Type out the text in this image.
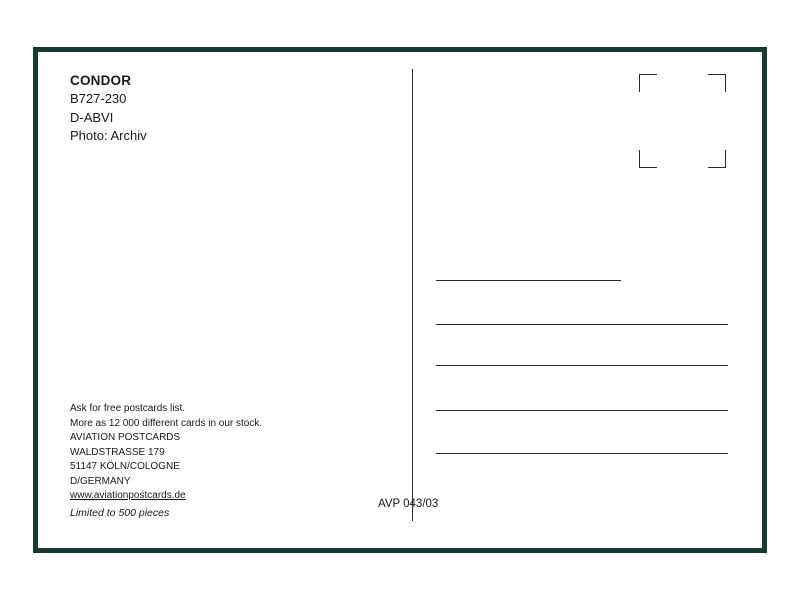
CONDOR
B727-230
D-ABVI
Photo: Archiv
Ask for free postcards list.
More as 12 000 different cards in our stock.
AVIATION POSTCARDS
WALDSTRASSE 179
51147 KÖLN/COLOGNE
D/GERMANY
www.aviationpostcards.de
Limited to 500 pieces
AVP 043/03
